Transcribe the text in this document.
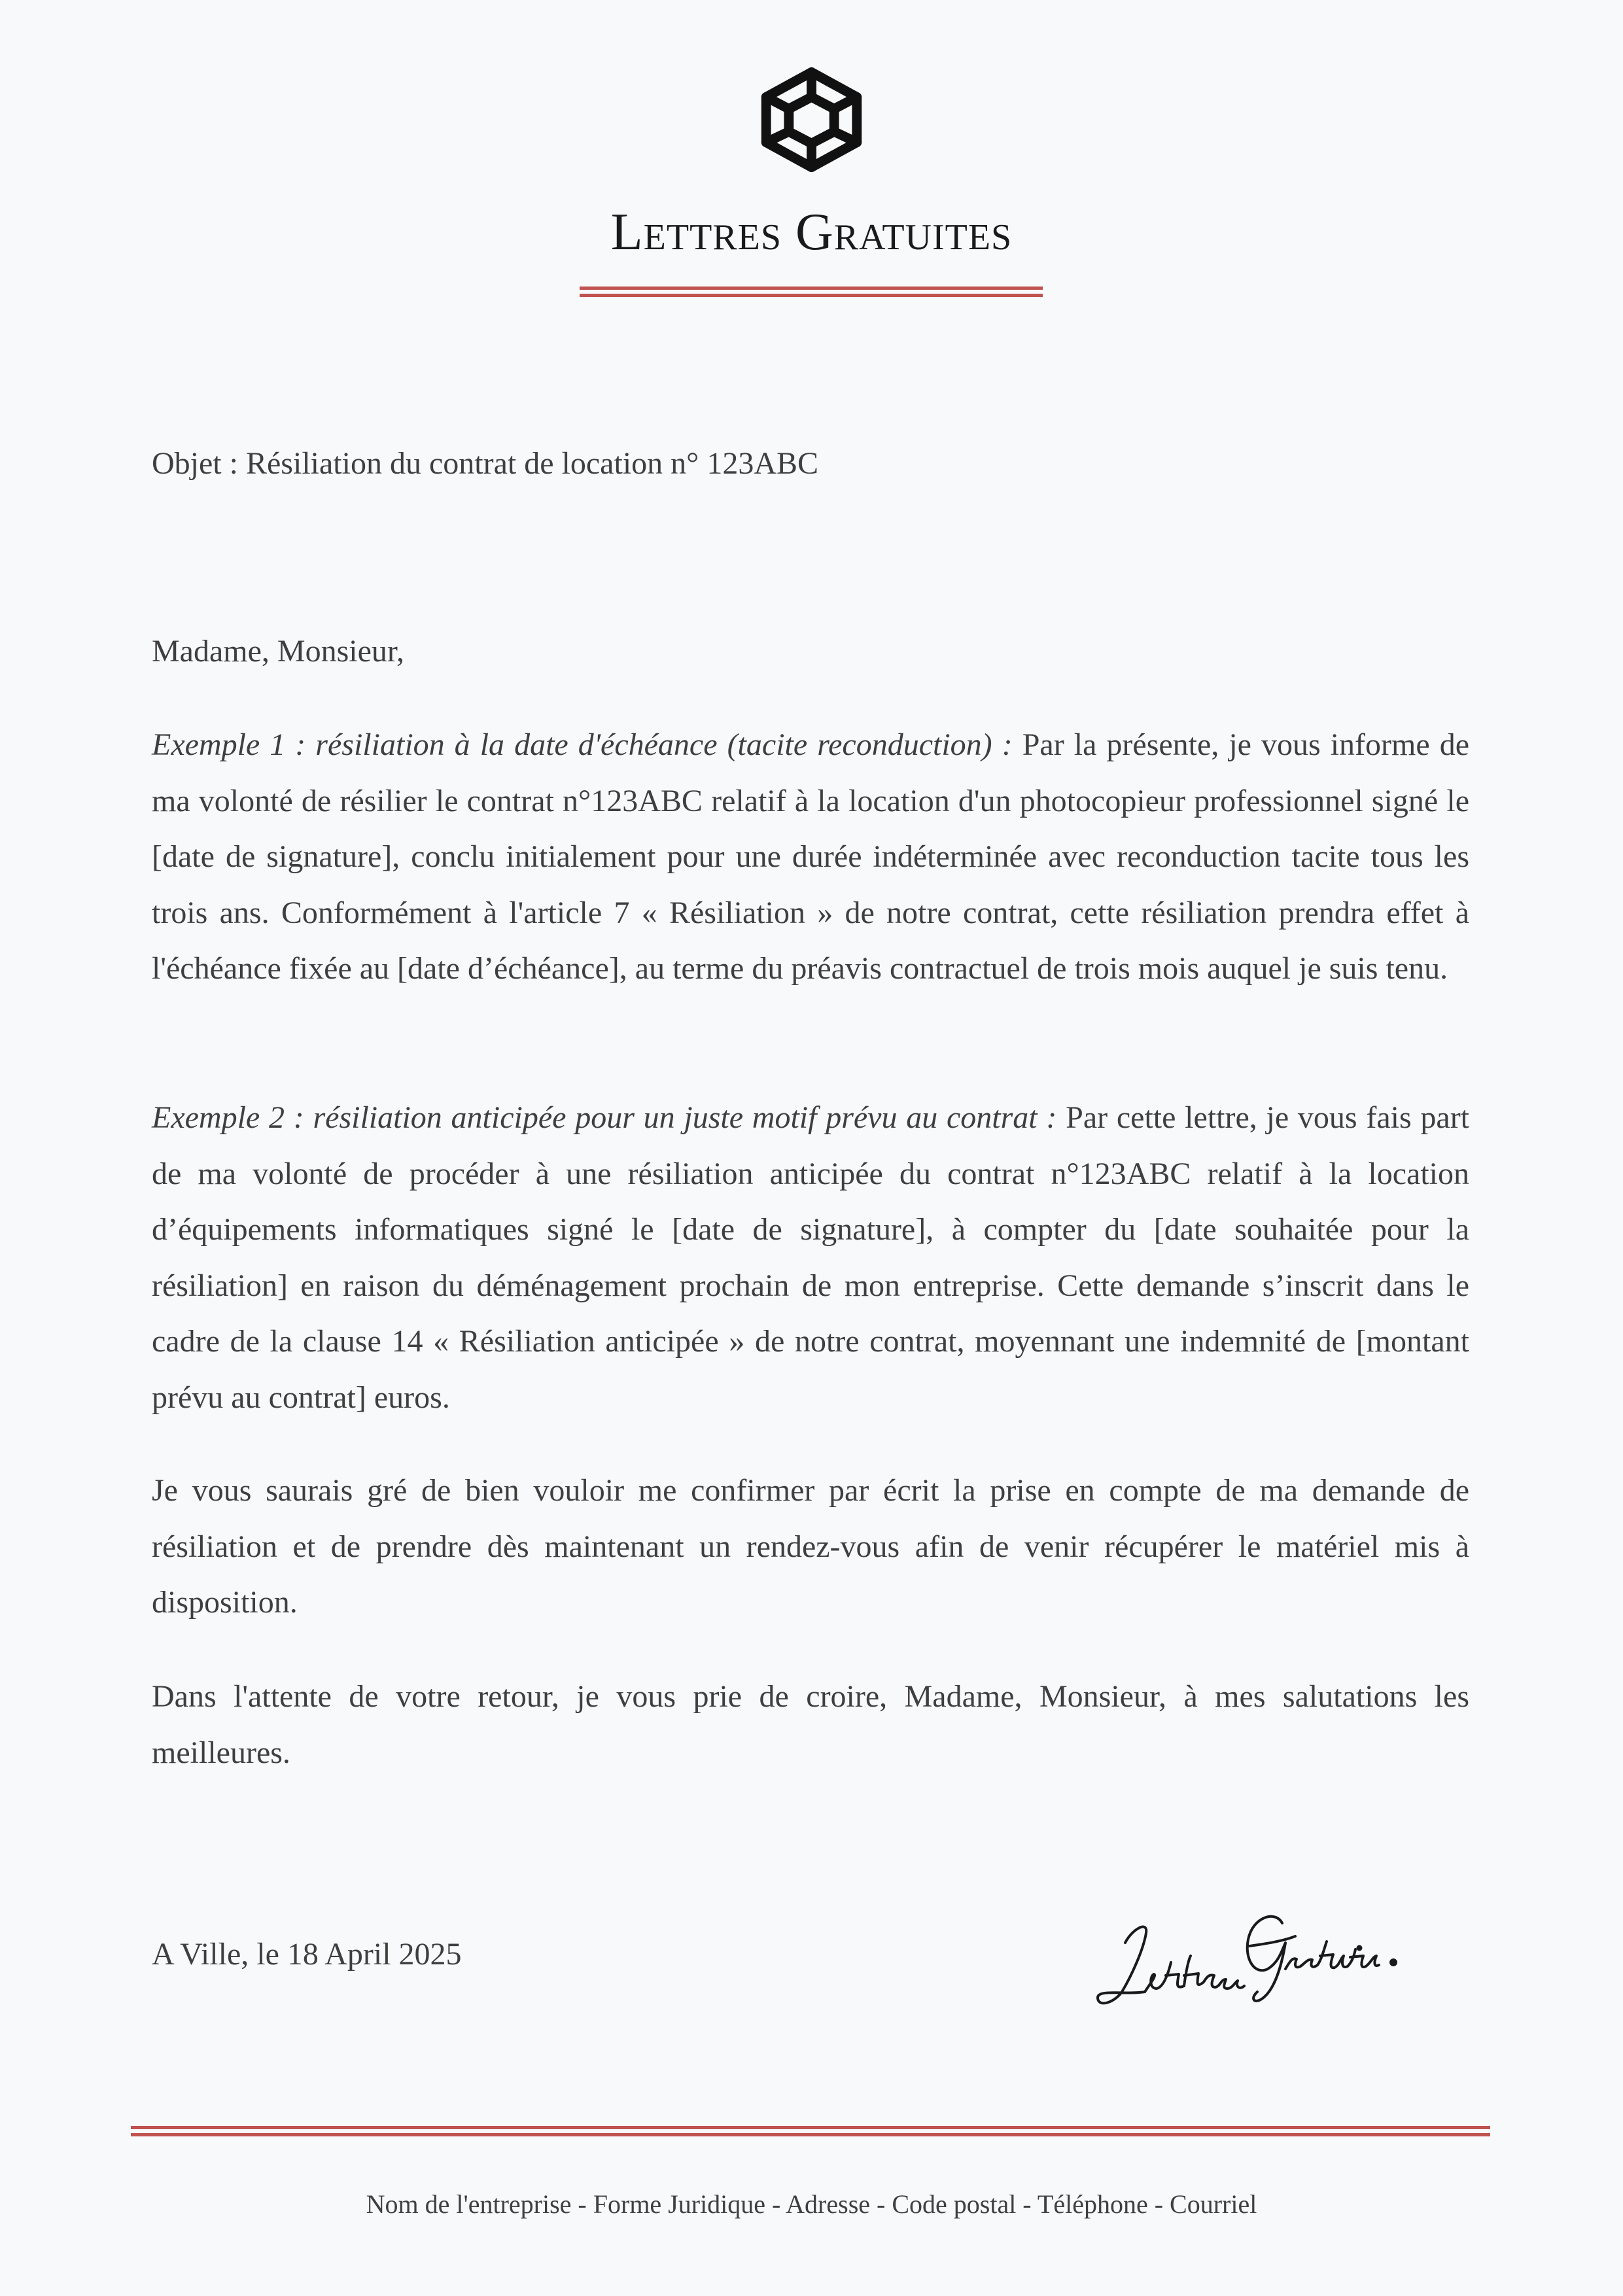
Lettres Gratuites
Objet : Résiliation du contrat de location n° 123ABC
Madame, Monsieur,

Exemple 1 : résiliation à la date d'échéance (tacite reconduction) : Par la présente, je vous informe de ma volonté de résilier le contrat n°123ABC relatif à la location d'un photocopieur professionnel signé le [date de signature], conclu initialement pour une durée indéterminée avec reconduction tacite tous les trois ans. Conformément à l'article 7 « Résiliation » de notre contrat, cette résiliation prendra effet à l'échéance fixée au [date d’échéance], au terme du préavis contractuel de trois mois auquel je suis tenu.

Exemple 2 : résiliation anticipée pour un juste motif prévu au contrat : Par cette lettre, je vous fais part de ma volonté de procéder à une résiliation anticipée du contrat n°123ABC relatif à la location d’équipements informatiques signé le [date de signature], à compter du [date souhaitée pour la résiliation] en raison du déménagement prochain de mon entreprise. Cette demande s’inscrit dans le cadre de la clause 14 « Résiliation anticipée » de notre contrat, moyennant une indemnité de [montant prévu au contrat] euros.

Je vous saurais gré de bien vouloir me confirmer par écrit la prise en compte de ma demande de résiliation et de prendre dès maintenant un rendez-vous afin de venir récupérer le matériel mis à disposition.

Dans l'attente de votre retour, je vous prie de croire, Madame, Monsieur, à mes salutations les meilleures.

A Ville, le 18 April 2025
Nom de l'entreprise - Forme Juridique - Adresse - Code postal - Téléphone - Courriel
